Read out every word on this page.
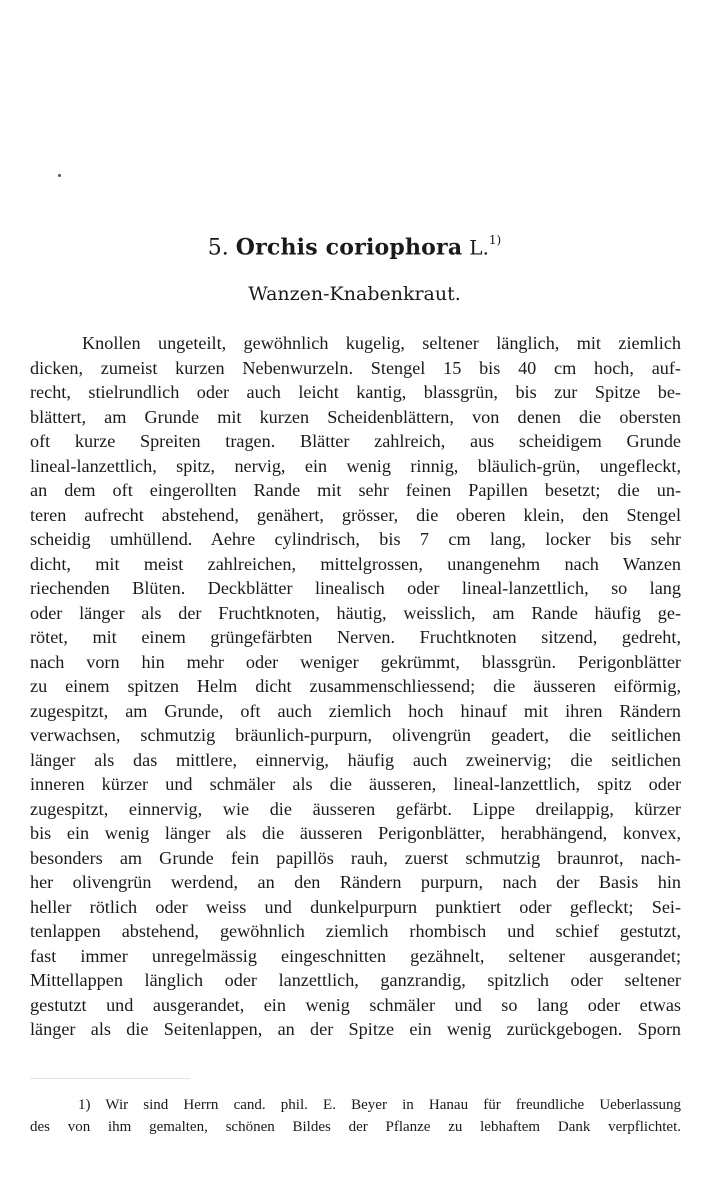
5. Orchis coriophora L.$^{1)}$
Wanzen-Knabenkraut.
Knollen ungeteilt, gewöhnlich kugelig, seltener länglich, mit ziemlich
dicken, zumeist kurzen Nebenwurzeln. Stengel 15 bis 40 cm hoch, auf-
recht, stielrundlich oder auch leicht kantig, blassgrün, bis zur Spitze be-
blättert, am Grunde mit kurzen Scheidenblättern, von denen die obersten
oft kurze Spreiten tragen. Blätter zahlreich, aus scheidigem Grunde
lineal-lanzettlich, spitz, nervig, ein wenig rinnig, bläulich-grün, ungefleckt,
an dem oft eingerollten Rande mit sehr feinen Papillen besetzt; die un-
teren aufrecht abstehend, genähert, grösser, die oberen klein, den Stengel
scheidig umhüllend. Aehre cylindrisch, bis 7 cm lang, locker bis sehr
dicht, mit meist zahlreichen, mittelgrossen, unangenehm nach Wanzen
riechenden Blüten. Deckblätter linealisch oder lineal-lanzettlich, so lang
oder länger als der Fruchtknoten, häutig, weisslich, am Rande häufig ge-
rötet, mit einem grüngefärbten Nerven. Fruchtknoten sitzend, gedreht,
nach vorn hin mehr oder weniger gekrümmt, blassgrün. Perigonblätter
zu einem spitzen Helm dicht zusammenschliessend; die äusseren eiförmig,
zugespitzt, am Grunde, oft auch ziemlich hoch hinauf mit ihren Rändern
verwachsen, schmutzig bräunlich-purpurn, olivengrün geadert, die seitlichen
länger als das mittlere, einnervig, häufig auch zweinervig; die seitlichen
inneren kürzer und schmäler als die äusseren, lineal-lanzettlich, spitz oder
zugespitzt, einnervig, wie die äusseren gefärbt. Lippe dreilappig, kürzer
bis ein wenig länger als die äusseren Perigonblätter, herabhängend, konvex,
besonders am Grunde fein papillös rauh, zuerst schmutzig braunrot, nach-
her olivengrün werdend, an den Rändern purpurn, nach der Basis hin
heller rötlich oder weiss und dunkelpurpurn punktiert oder gefleckt; Sei-
tenlappen abstehend, gewöhnlich ziemlich rhombisch und schief gestutzt,
fast immer unregelmässig eingeschnitten gezähnelt, seltener ausgerandet;
Mittellappen länglich oder lanzettlich, ganzrandig, spitzlich oder seltener
gestutzt und ausgerandet, ein wenig schmäler und so lang oder etwas
länger als die Seitenlappen, an der Spitze ein wenig zurückgebogen. Sporn
1) Wir sind Herrn cand. phil. E. Beyer in Hanau für freundliche Ueberlassung
des von ihm gemalten, schönen Bildes der Pflanze zu lebhaftem Dank verpflichtet.
